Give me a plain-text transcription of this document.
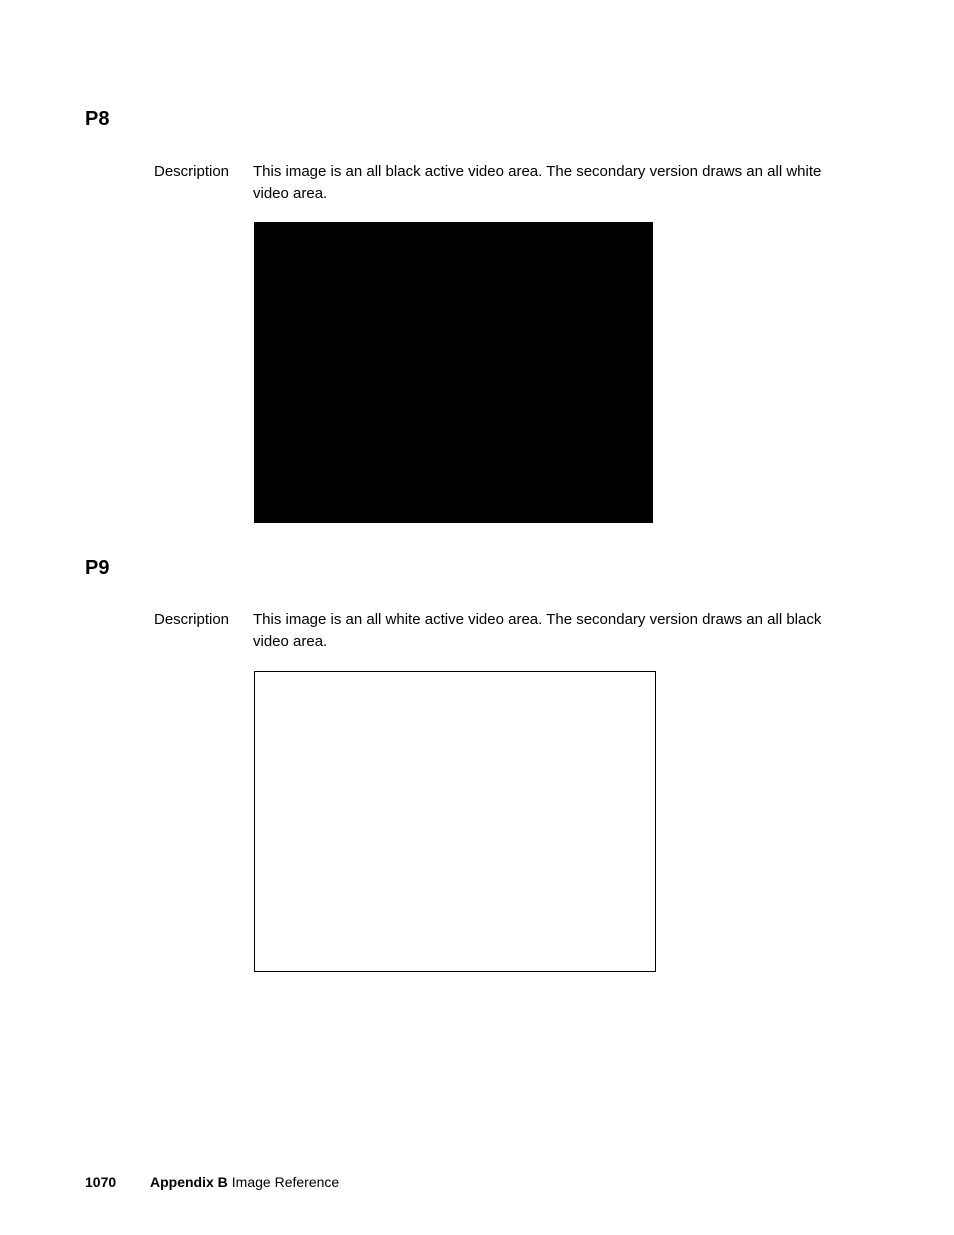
P8
Description This image is an all black active video area. The secondary version draws an all white video area.
P9
Description This image is an all white active video area. The secondary version draws an all black video area.
1070 Appendix B Image Reference
